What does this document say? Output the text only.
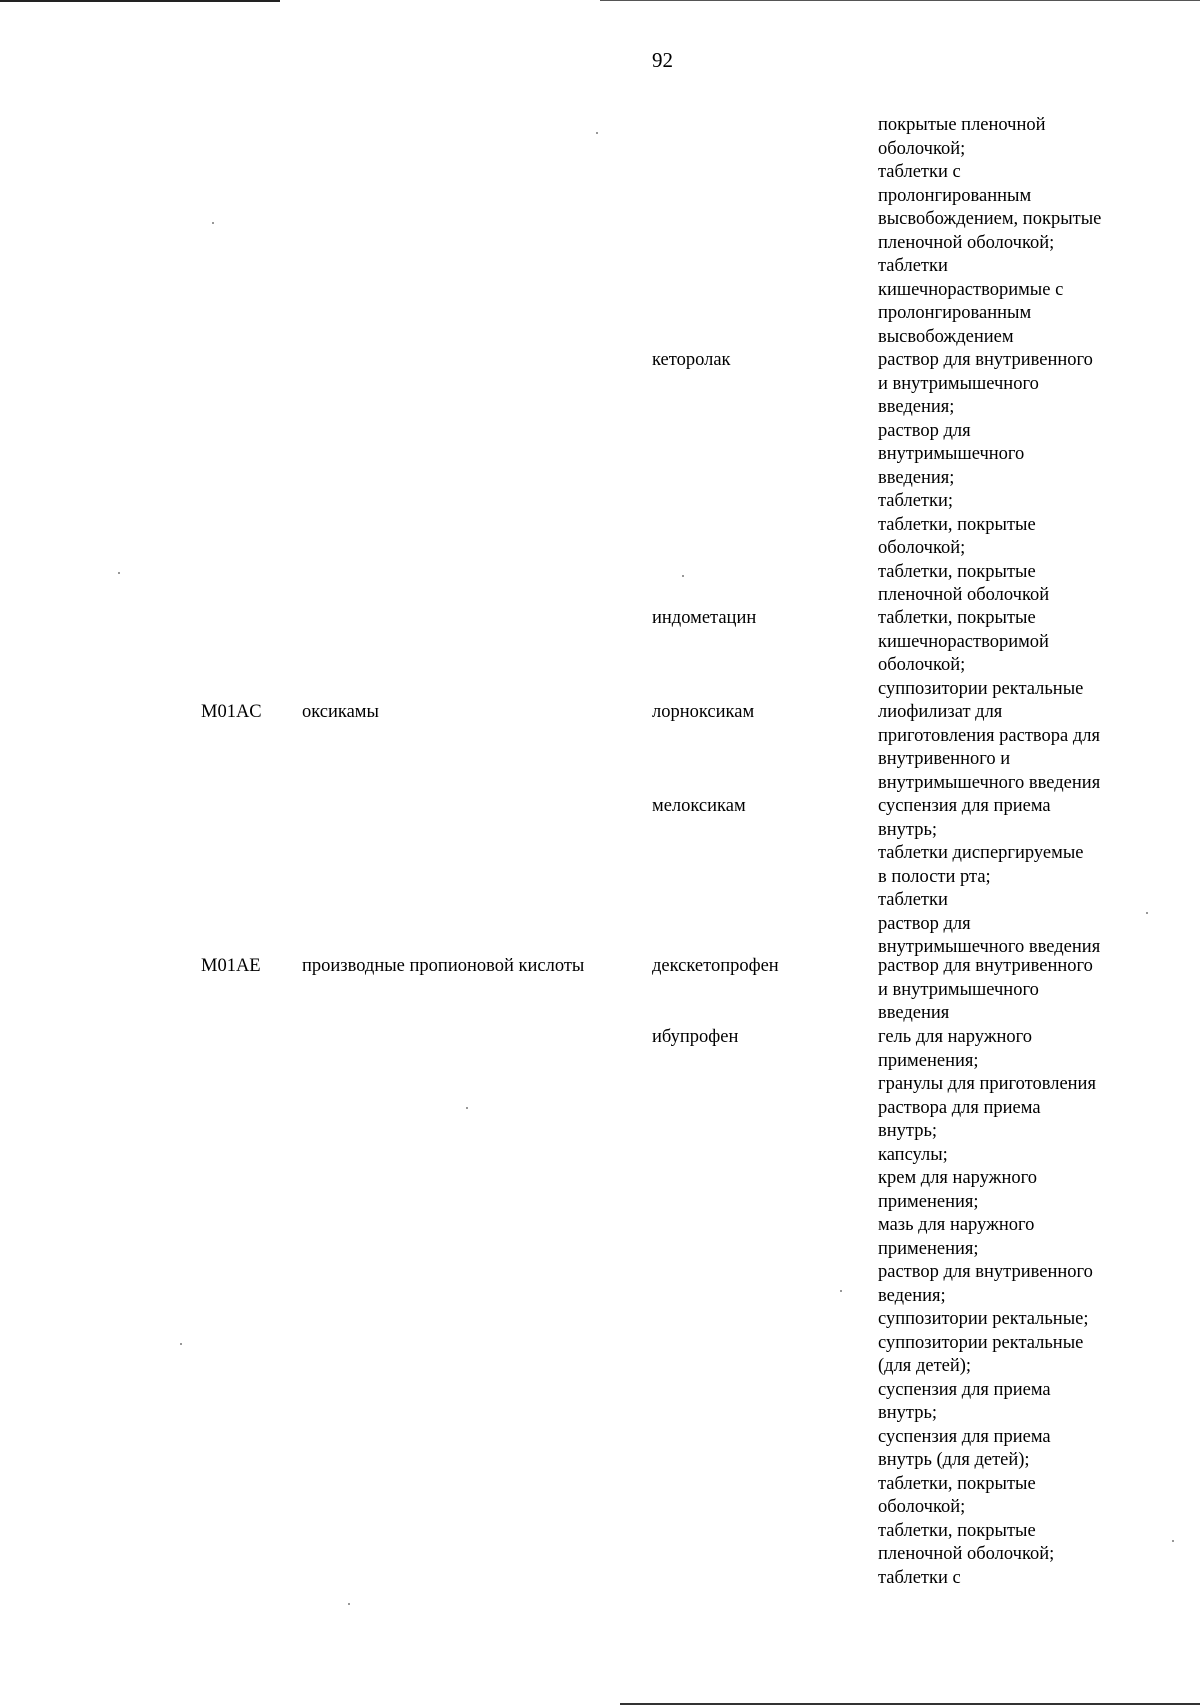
92
покрытые пленочной
оболочкой;
таблетки с
пролонгированным
высвобождением, покрытые
пленочной оболочкой;
таблетки
кишечнорастворимые с
пролонгированным
высвобождением
кеторолак	раствор для внутривенного
и внутримышечного
введения;
раствор для
внутримышечного
введения;
таблетки;
таблетки, покрытые
оболочкой;
таблетки, покрытые
пленочной оболочкой
индометацин	таблетки, покрытые
кишечнорастворимой
оболочкой;
суппозитории ректальные
M01AC оксикамы	лорноксикам	лиофилизат для
приготовления раствора для
внутривенного и
внутримышечного введения
мелоксикам	суспензия для приема
внутрь;
таблетки диспергируемые
в полости рта;
таблетки
раствор для
внутримышечного введения
M01AE производные пропионовой кислоты	декскетопрофен	раствор для внутривенного
и внутримышечного
введения
ибупрофен	гель для наружного
применения;
гранулы для приготовления
раствора для приема
внутрь;
капсулы;
крем для наружного
применения;
мазь для наружного
применения;
раствор для внутривенного
ведения;
суппозитории ректальные;
суппозитории ректальные
(для детей);
суспензия для приема
внутрь;
суспензия для приема
внутрь (для детей);
таблетки, покрытые
оболочкой;
таблетки, покрытые
пленочной оболочкой;
таблетки с
